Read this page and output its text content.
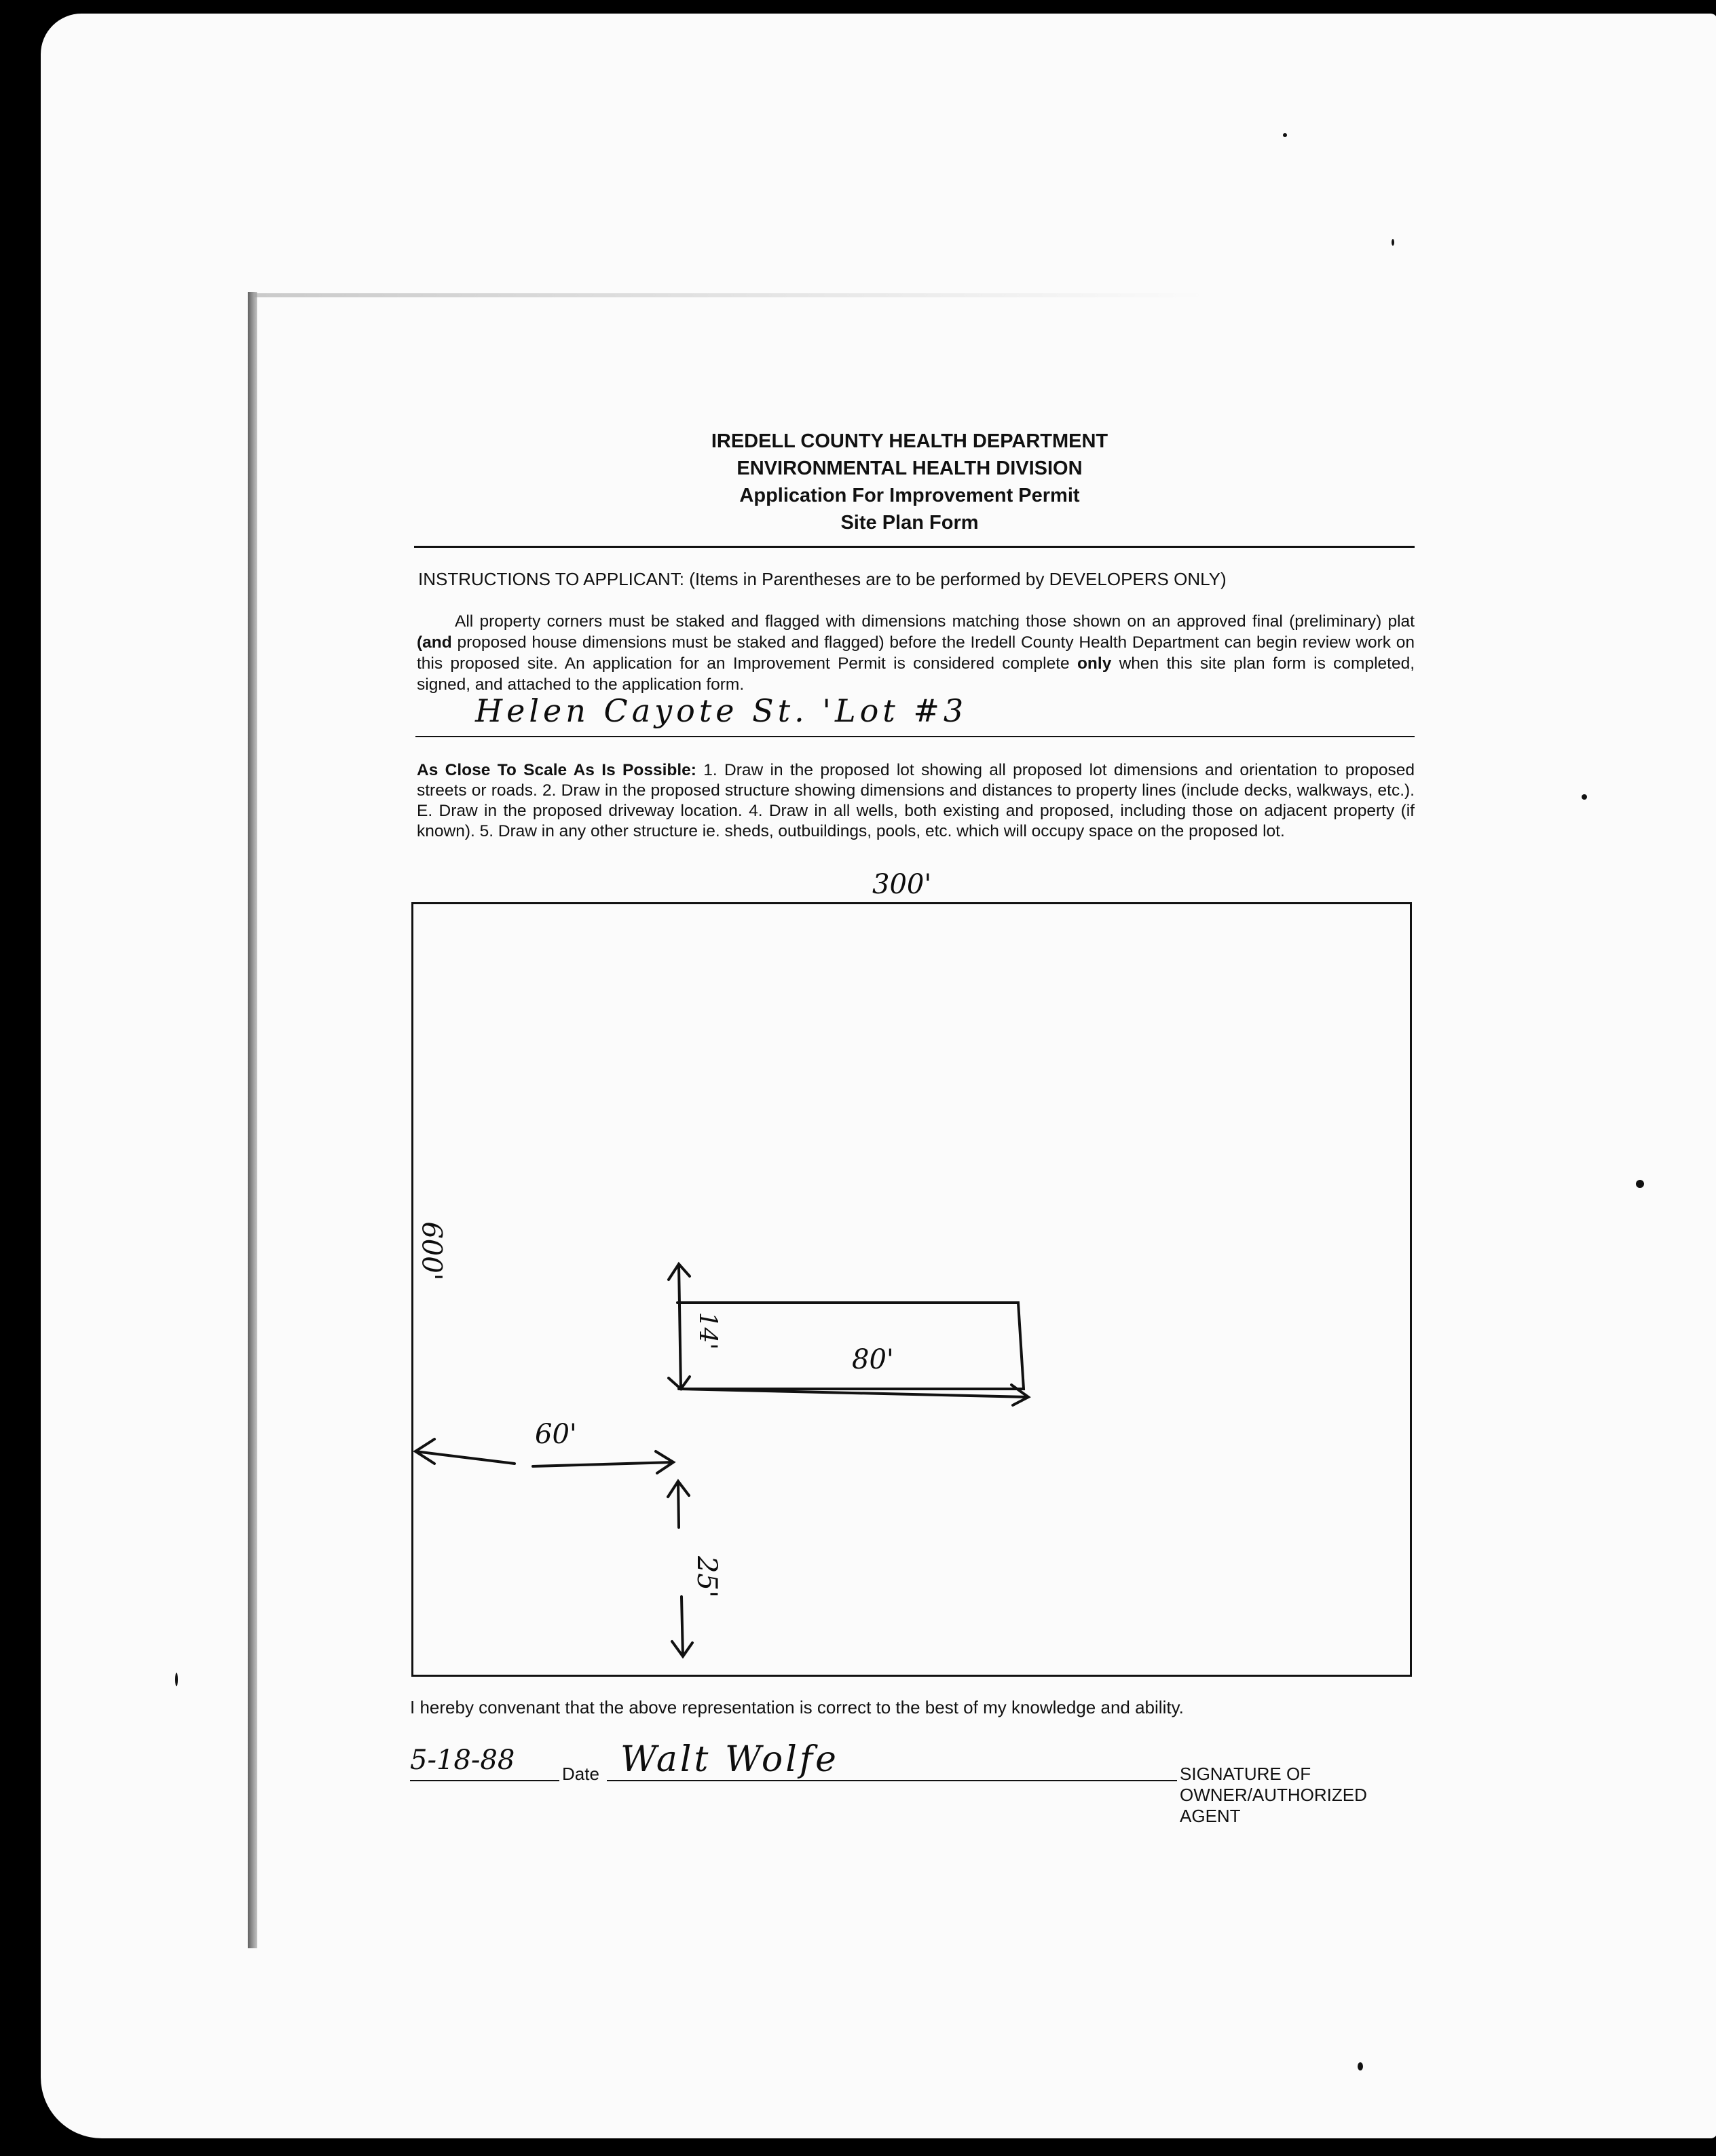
IREDELL COUNTY HEALTH DEPARTMENT
ENVIRONMENTAL HEALTH DIVISION
Application For Improvement Permit
Site Plan Form
INSTRUCTIONS TO APPLICANT: (Items in Parentheses are to be performed by DEVELOPERS ONLY)

All property corners must be staked and flagged with dimensions matching those shown on an approved final (preliminary) plat (and proposed house dimensions must be staked and flagged) before the Iredell County Health Department can begin review work on this proposed site. An application for an Improvement Permit is considered complete only when this site plan form is completed, signed, and attached to the application form.

Helen Cayote St. 'Lot #3
As Close To Scale As Is Possible: 1. Draw in the proposed lot showing all proposed lot dimensions and orientation to proposed streets or roads. 2. Draw in the proposed structure showing dimensions and distances to property lines (include decks, walkways, etc.). E. Draw in the proposed driveway location. 4. Draw in all wells, both existing and proposed, including those on adjacent property (if known). 5. Draw in any other structure ie. sheds, outbuildings, pools, etc. which will occupy space on the proposed lot.
300'
600'
14'
80'
60'
25'
I hereby convenant that the above representation is correct to the best of my knowledge and ability.
5-18-88	Date Walt Wolfe	SIGNATURE OF OWNER/AUTHORIZED AGENT
